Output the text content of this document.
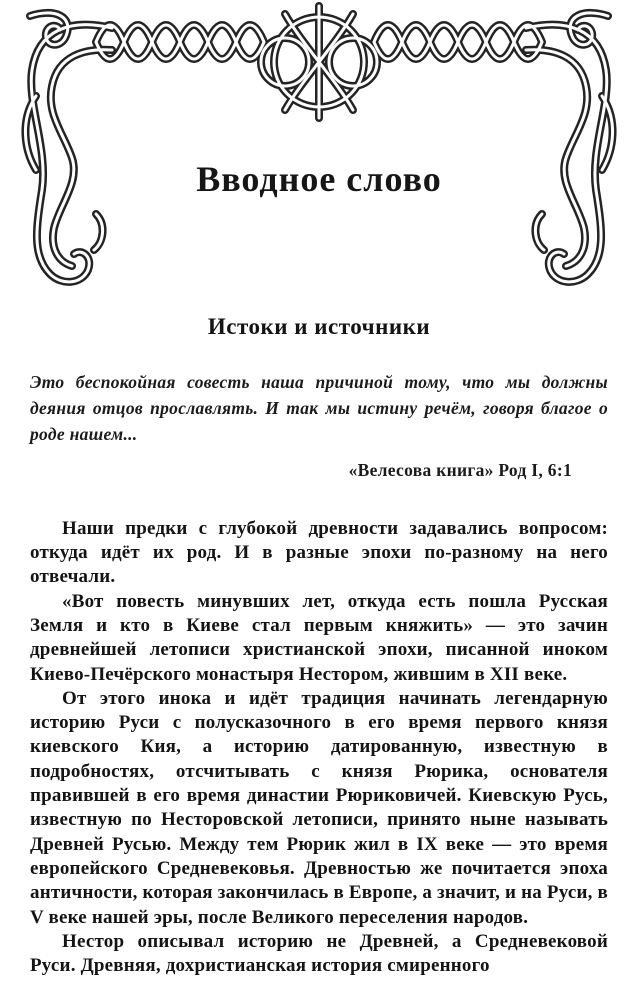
Вводное слово
Истоки и источники

Это беспокойная совесть наша причиной тому, что мы должны деяния отцов прославлять. И так мы истину речём, говоря благое о роде нашем...

«Велесова книга» Род I, 6:1

Наши предки с глубокой древности задавались вопросом: откуда идёт их род. И в разные эпохи по-разному на него отвечали.

«Вот повесть минувших лет, откуда есть пошла Русская Земля и кто в Киеве стал первым княжить» — это зачин древнейшей летописи христианской эпохи, писанной иноком Киево-Печёрского монастыря Нестором, жившим в XII веке.

От этого инока и идёт традиция начинать легендарную историю Руси с полусказочного в его время первого князя киевского Кия, а историю датированную, известную в подробностях, отсчитывать с князя Рюрика, основателя правившей в его время династии Рюриковичей. Киевскую Русь, известную по Несторовской летописи, принято ныне называть Древней Русью. Между тем Рюрик жил в IX веке — это время европейского Средневековья. Древностью же почитается эпоха античности, которая закончилась в Европе, а значит, и на Руси, в V веке нашей эры, после Великого переселения народов.

Нестор описывал историю не Древней, а Средневековой Руси. Древняя, дохристианская история смиренного
